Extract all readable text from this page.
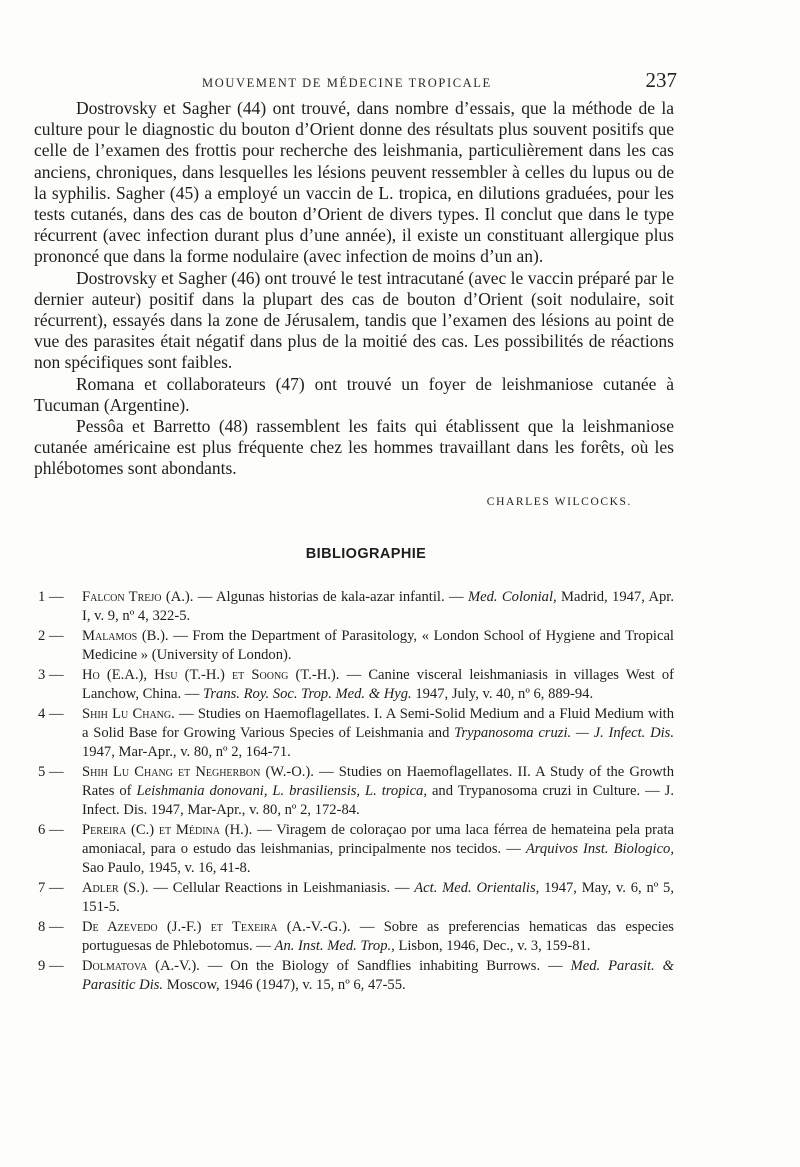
MOUVEMENT DE MÉDECINE TROPICALE	237

Dostrovsky et Sagher (44) ont trouvé, dans nombre d’essais, que la méthode de la culture pour le diagnostic du bouton d’Orient donne des résultats plus souvent positifs que celle de l’examen des frottis pour recherche des leishmania, particulièrement dans les cas anciens, chroniques, dans lesquelles les lésions peuvent ressembler à celles du lupus ou de la syphilis. Sagher (45) a employé un vaccin de L. tropica, en dilutions graduées, pour les tests cutanés, dans des cas de bouton d’Orient de divers types. Il conclut que dans le type récurrent (avec infection durant plus d’une année), il existe un constituant allergique plus prononcé que dans la forme nodulaire (avec infection de moins d’un an).

Dostrovsky et Sagher (46) ont trouvé le test intracutané (avec le vaccin préparé par le dernier auteur) positif dans la plupart des cas de bouton d’Orient (soit nodulaire, soit récurrent), essayés dans la zone de Jérusalem, tandis que l’examen des lésions au point de vue des parasites était négatif dans plus de la moitié des cas. Les possibilités de réactions non spécifiques sont faibles.

Romana et collaborateurs (47) ont trouvé un foyer de leishmaniose cutanée à Tucuman (Argentine).

Pessôa et Barretto (48) rassemblent les faits qui établissent que la leishmaniose cutanée américaine est plus fréquente chez les hommes travaillant dans les forêts, où les phlébotomes sont abondants.

CHARLES WILCOCKS.

BIBLIOGRAPHIE
1 — Falcon Trejo (A.). — Algunas historias de kala-azar infantil. — Med. Colonial, Madrid, 1947, Apr. I, v. 9, nº 4, 322-5.
2 — Malamos (B.). — From the Department of Parasitology, « London School of Hygiene and Tropical Medicine » (University of London).
3 — Ho (E.A.), Hsu (T.-H.) et Soong (T.-H.). — Canine visceral leishmaniasis in villages West of Lanchow, China. — Trans. Roy. Soc. Trop. Med. & Hyg. 1947, July, v. 40, nº 6, 889-94.
4 — Shih Lu Chang. — Studies on Haemoflagellates. I. A Semi-Solid Medium and a Fluid Medium with a Solid Base for Growing Various Species of Leishmania and Trypanosoma cruzi. — J. Infect. Dis. 1947, Mar-Apr., v. 80, nº 2, 164-71.
5 — Shih Lu Chang et Negherbon (W.-O.). — Studies on Haemoflagellates. II. A Study of the Growth Rates of Leishmania donovani, L. brasiliensis, L. tropica, and Trypanosoma cruzi in Culture. — J. Infect. Dis. 1947, Mar-Apr., v. 80, nº 2, 172-84.
6 — Pereira (C.) et Médina (H.). — Viragem de coloraçao por uma laca férrea de hemateina pela prata amoniacal, para o estudo das leishmanias, principalmente nos tecidos. — Arquivos Inst. Biologico, Sao Paulo, 1945, v. 16, 41-8.
7 — Adler (S.). — Cellular Reactions in Leishmaniasis. — Act. Med. Orientalis, 1947, May, v. 6, nº 5, 151-5.
8 — De Azevedo (J.-F.) et Texeira (A.-V.-G.). — Sobre as preferencias hematicas das especies portuguesas de Phlebotomus. — An. Inst. Med. Trop., Lisbon, 1946, Dec., v. 3, 159-81.
9 — Dolmatova (A.-V.). — On the Biology of Sandflies inhabiting Burrows. — Med. Parasit. & Parasitic Dis. Moscow, 1946 (1947), v. 15, nº 6, 47-55.
